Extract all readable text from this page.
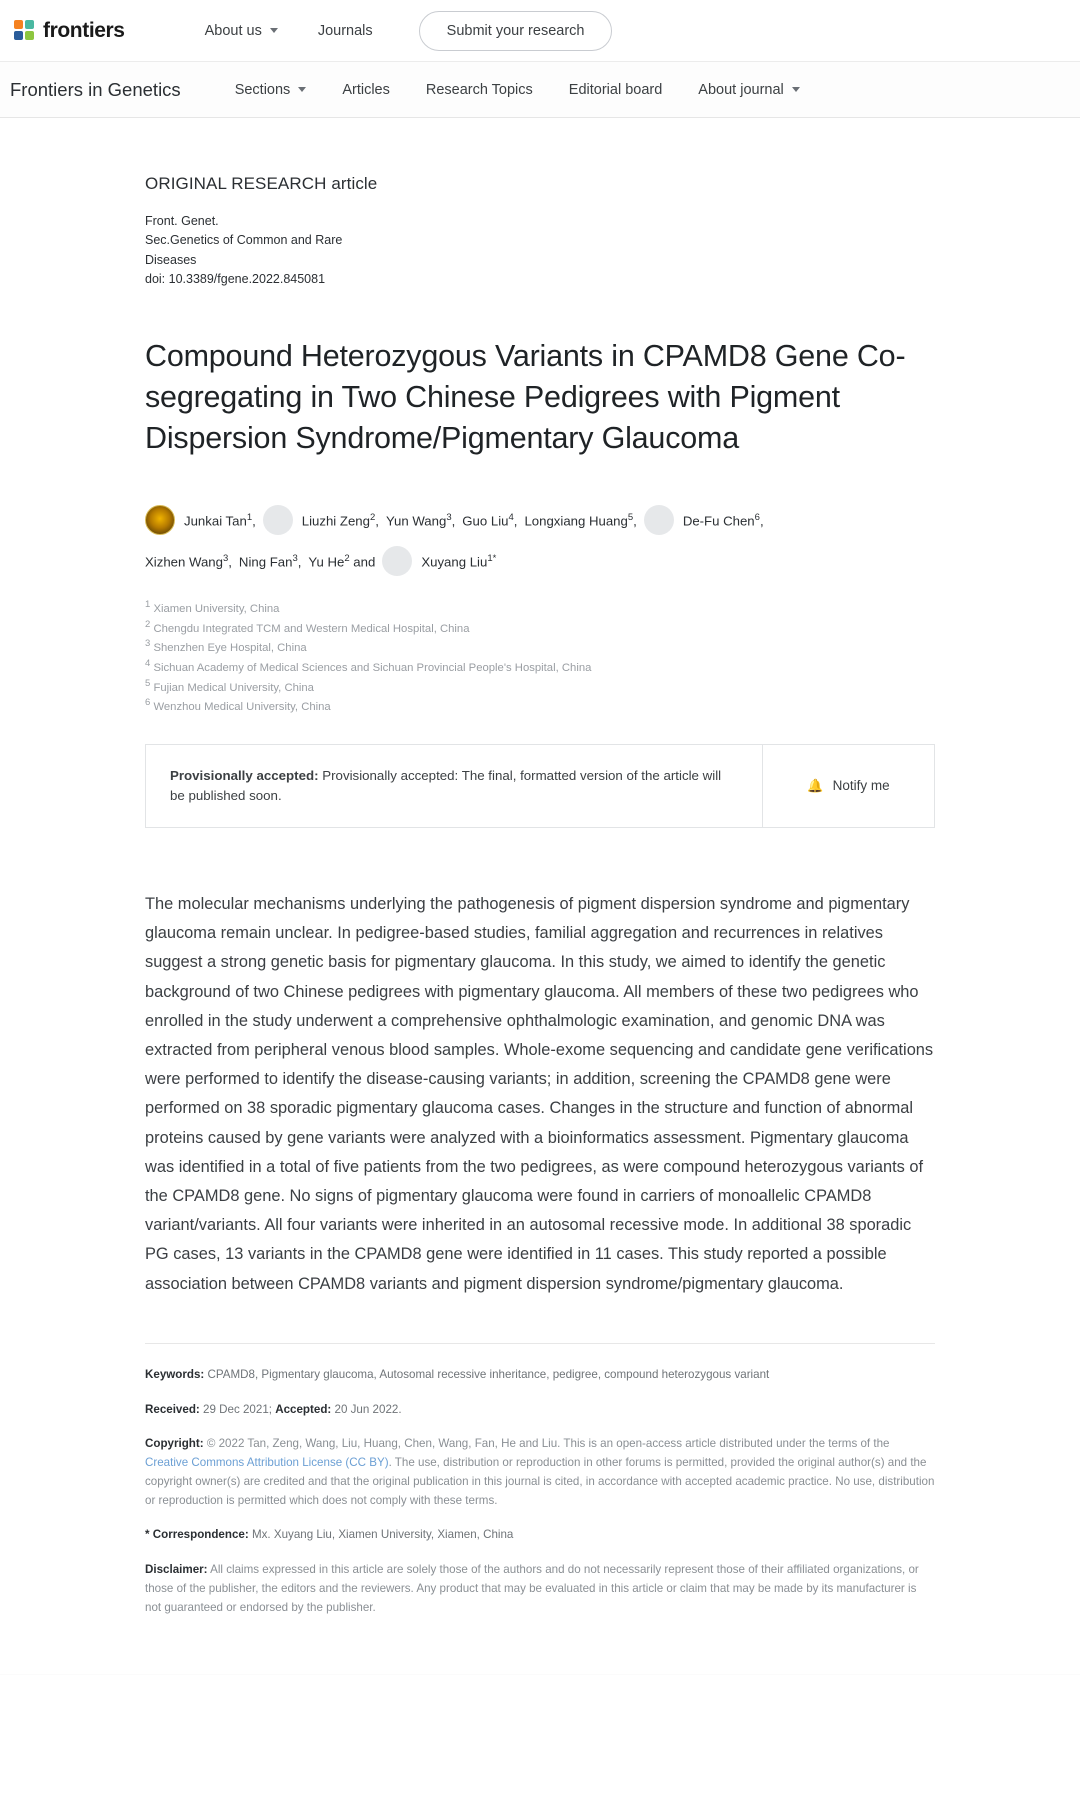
frontiers	About us	Journals	Submit your research
Frontiers in Genetics	Sections	Articles Research Topics Editorial board About journal
ORIGINAL RESEARCH article
Front. Genet.
Sec.Genetics of Common and Rare
Diseases
doi: 10.3389/fgene.2022.845081
Compound Heterozygous Variants in CPAMD8 Gene Co-segregating in Two Chinese Pedigrees with Pigment Dispersion Syndrome/Pigmentary Glaucoma
Junkai Tan$^1$,	Liuzhi Zeng$^2$, Yun Wang$^3$, Guo Liu$^4$, Longxiang Huang$^5$,	De-Fu Chen$^6$,
Xizhen Wang$^3$, Ning Fan$^3$, Yu He$^2$ and	Xuyang Liu$^{1*}$
$^1$ Xiamen University, China
$^2$ Chengdu Integrated TCM and Western Medical Hospital, China
$^3$ Shenzhen Eye Hospital, China
$^4$ Sichuan Academy of Medical Sciences and Sichuan Provincial People's Hospital, China
$^5$ Fujian Medical University, China
$^6$ Wenzhou Medical University, China
Provisionally accepted: Provisionally accepted: The final, formatted version of the article will be published soon.
🔔 Notify me
The molecular mechanisms underlying the pathogenesis of pigment dispersion syndrome and pigmentary glaucoma remain unclear. In pedigree-based studies, familial aggregation and recurrences in relatives suggest a strong genetic basis for pigmentary glaucoma. In this study, we aimed to identify the genetic background of two Chinese pedigrees with pigmentary glaucoma. All members of these two pedigrees who enrolled in the study underwent a comprehensive ophthalmologic examination, and genomic DNA was extracted from peripheral venous blood samples. Whole-exome sequencing and candidate gene verifications were performed to identify the disease-causing variants; in addition, screening the CPAMD8 gene were performed on 38 sporadic pigmentary glaucoma cases. Changes in the structure and function of abnormal proteins caused by gene variants were analyzed with a bioinformatics assessment. Pigmentary glaucoma was identified in a total of five patients from the two pedigrees, as were compound heterozygous variants of the CPAMD8 gene. No signs of pigmentary glaucoma were found in carriers of monoallelic CPAMD8 variant/variants. All four variants were inherited in an autosomal recessive mode. In additional 38 sporadic PG cases, 13 variants in the CPAMD8 gene were identified in 11 cases. This study reported a possible association between CPAMD8 variants and pigment dispersion syndrome/pigmentary glaucoma.
Keywords: CPAMD8, Pigmentary glaucoma, Autosomal recessive inheritance, pedigree, compound heterozygous variant
Received: 29 Dec 2021; Accepted: 20 Jun 2022.
Copyright: © 2022 Tan, Zeng, Wang, Liu, Huang, Chen, Wang, Fan, He and Liu. This is an open-access article distributed under the terms of the Creative Commons Attribution License (CC BY). The use, distribution or reproduction in other forums is permitted, provided the original author(s) and the copyright owner(s) are credited and that the original publication in this journal is cited, in accordance with accepted academic practice. No use, distribution or reproduction is permitted which does not comply with these terms.
* Correspondence: Mx. Xuyang Liu, Xiamen University, Xiamen, China
Disclaimer: All claims expressed in this article are solely those of the authors and do not necessarily represent those of their affiliated organizations, or those of the publisher, the editors and the reviewers. Any product that may be evaluated in this article or claim that may be made by its manufacturer is not guaranteed or endorsed by the publisher.
